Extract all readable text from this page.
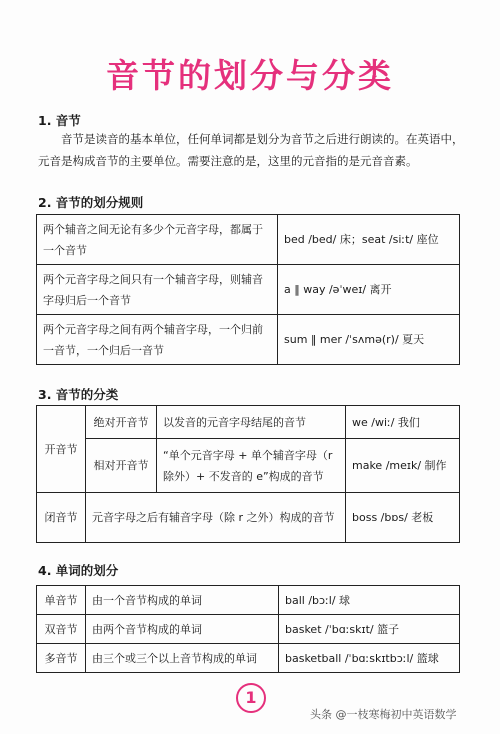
音节的划分与分类
1. 音节

音节是读音的基本单位，任何单词都是划分为音节之后进行朗读的。在英语中，元音是构成音节的主要单位。需要注意的是，这里的元音指的是元音音素。

2. 音节的划分规则
两个辅音之间无论有多少个元音字母，都属于一个音节	bed /bed/ 床；seat /siːt/ 座位
两个元音字母之间只有一个辅音字母，则辅音字母归后一个音节	a ‖ way /əˈweɪ/ 离开
两个元音字母之间有两个辅音字母，一个归前一音节，一个归后一音节	sum ‖ mer /ˈsʌmə(r)/ 夏天
3. 音节的分类
开音节	绝对开音节	以发音的元音字母结尾的音节	we /wiː/ 我们
	相对开音节	“单个元音字母 + 单个辅音字母（r 除外）+ 不发音的 e”构成的音节	make /meɪk/ 制作
闭音节	元音字母之后有辅音字母（除 r 之外）构成的音节		boss /bɒs/ 老板
4. 单词的划分
单音节	由一个音节构成的单词	ball /bɔːl/ 球
双音节	由两个音节构成的单词	basket /ˈbɑːskɪt/ 篮子
多音节	由三个或三个以上音节构成的单词	basketball /ˈbɑːskɪtbɔːl/ 篮球
1
头条 @一枝寒梅初中英语数学
